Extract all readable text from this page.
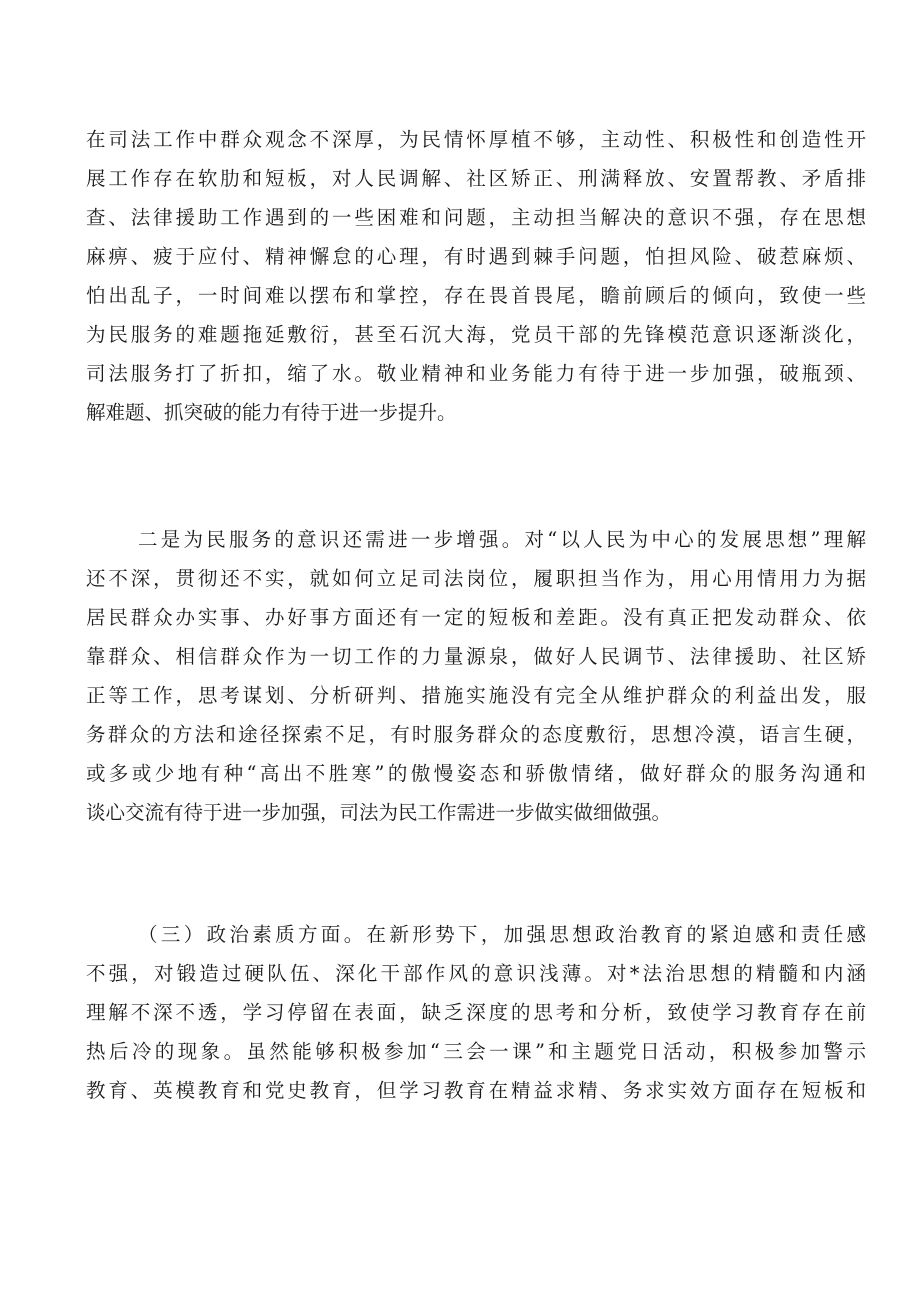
在司法工作中群众观念不深厚，为民情怀厚植不够，主动性、积极性和创造性开
展工作存在软肋和短板，对人民调解、社区矫正、刑满释放、安置帮教、矛盾排
查、法律援助工作遇到的一些困难和问题，主动担当解决的意识不强，存在思想
麻痹、疲于应付、精神懈怠的心理，有时遇到棘手问题，怕担风险、破惹麻烦、
怕出乱子，一时间难以摆布和掌控，存在畏首畏尾，瞻前顾后的倾向，致使一些
为民服务的难题拖延敷衍，甚至石沉大海，党员干部的先锋模范意识逐渐淡化，
司法服务打了折扣，缩了水。敬业精神和业务能力有待于进一步加强，破瓶颈、
解难题、抓突破的能力有待于进一步提升。
二是为民服务的意识还需进一步增强。对“以人民为中心的发展思想”理解
还不深，贯彻还不实，就如何立足司法岗位，履职担当作为，用心用情用力为据
居民群众办实事、办好事方面还有一定的短板和差距。没有真正把发动群众、依
靠群众、相信群众作为一切工作的力量源泉，做好人民调节、法律援助、社区矫
正等工作，思考谋划、分析研判、措施实施没有完全从维护群众的利益出发，服
务群众的方法和途径探索不足，有时服务群众的态度敷衍，思想冷漠，语言生硬，
或多或少地有种“高出不胜寒”的傲慢姿态和骄傲情绪，做好群众的服务沟通和
谈心交流有待于进一步加强，司法为民工作需进一步做实做细做强。
（三）政治素质方面。在新形势下，加强思想政治教育的紧迫感和责任感
不强，对锻造过硬队伍、深化干部作风的意识浅薄。对*法治思想的精髓和内涵
理解不深不透，学习停留在表面，缺乏深度的思考和分析，致使学习教育存在前
热后冷的现象。虽然能够积极参加“三会一课”和主题党日活动，积极参加警示
教育、英模教育和党史教育，但学习教育在精益求精、务求实效方面存在短板和
